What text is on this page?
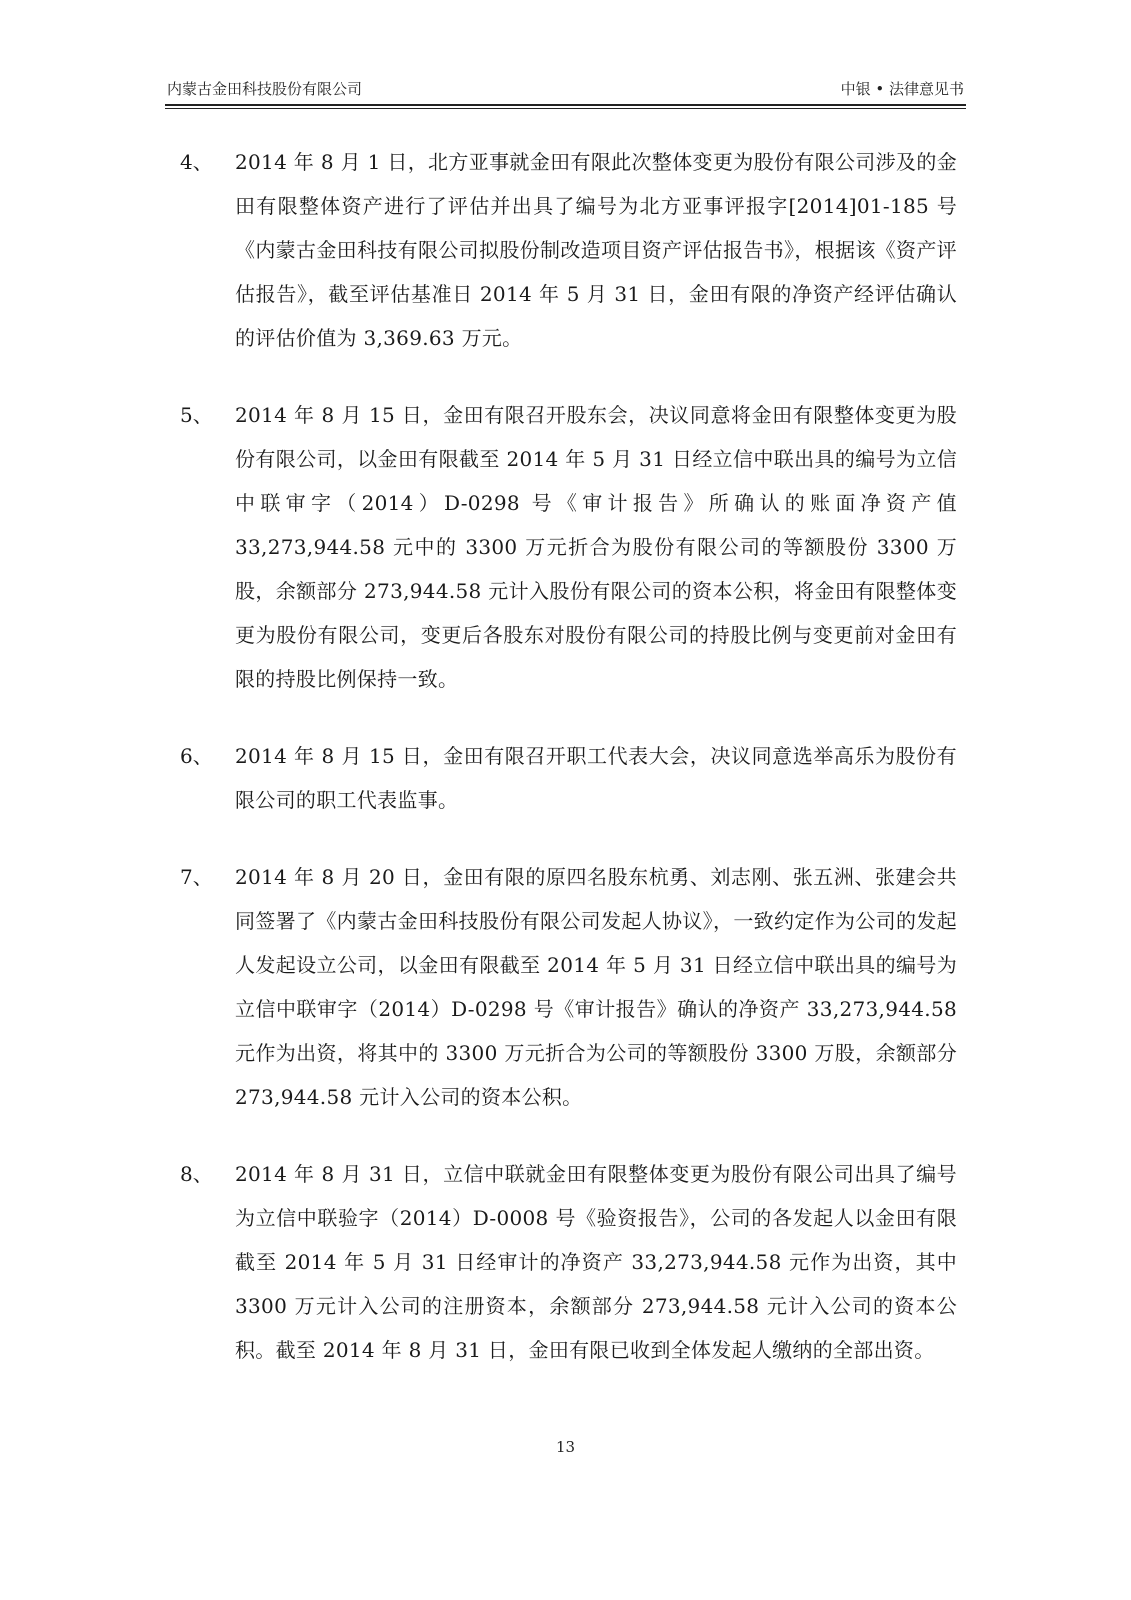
内蒙古金田科技股份有限公司	中银 • 法律意见书
4、	2014 年 8 月 1 日，北方亚事就金田有限此次整体变更为股份有限公司涉及的金田有限整体资产进行了评估并出具了编号为北方亚事评报字[2014]01-185 号《内蒙古金田科技有限公司拟股份制改造项目资产评估报告书》，根据该《资产评估报告》，截至评估基准日 2014 年 5 月 31 日，金田有限的净资产经评估确认的评估价值为 3,369.63 万元。
5、	2014 年 8 月 15 日，金田有限召开股东会，决议同意将金田有限整体变更为股份有限公司，以金田有限截至 2014 年 5 月 31 日经立信中联出具的编号为立信中联审字（2014）D-0298 号《审计报告》所确认的账面净资产值 33,273,944.58 元中的 3300 万元折合为股份有限公司的等额股份 3300 万股，余额部分 273,944.58 元计入股份有限公司的资本公积，将金田有限整体变更为股份有限公司，变更后各股东对股份有限公司的持股比例与变更前对金田有限的持股比例保持一致。
6、	2014 年 8 月 15 日，金田有限召开职工代表大会，决议同意选举高乐为股份有限公司的职工代表监事。
7、	2014 年 8 月 20 日，金田有限的原四名股东杭勇、刘志刚、张五洲、张建会共同签署了《内蒙古金田科技股份有限公司发起人协议》，一致约定作为公司的发起人发起设立公司，以金田有限截至 2014 年 5 月 31 日经立信中联出具的编号为立信中联审字（2014）D-0298 号《审计报告》确认的净资产 33,273,944.58 元作为出资，将其中的 3300 万元折合为公司的等额股份 3300 万股，余额部分 273,944.58 元计入公司的资本公积。
8、	2014 年 8 月 31 日，立信中联就金田有限整体变更为股份有限公司出具了编号为立信中联验字（2014）D-0008 号《验资报告》，公司的各发起人以金田有限截至 2014 年 5 月 31 日经审计的净资产 33,273,944.58 元作为出资，其中 3300 万元计入公司的注册资本，余额部分 273,944.58 元计入公司的资本公积。截至 2014 年 8 月 31 日，金田有限已收到全体发起人缴纳的全部出资。
13
